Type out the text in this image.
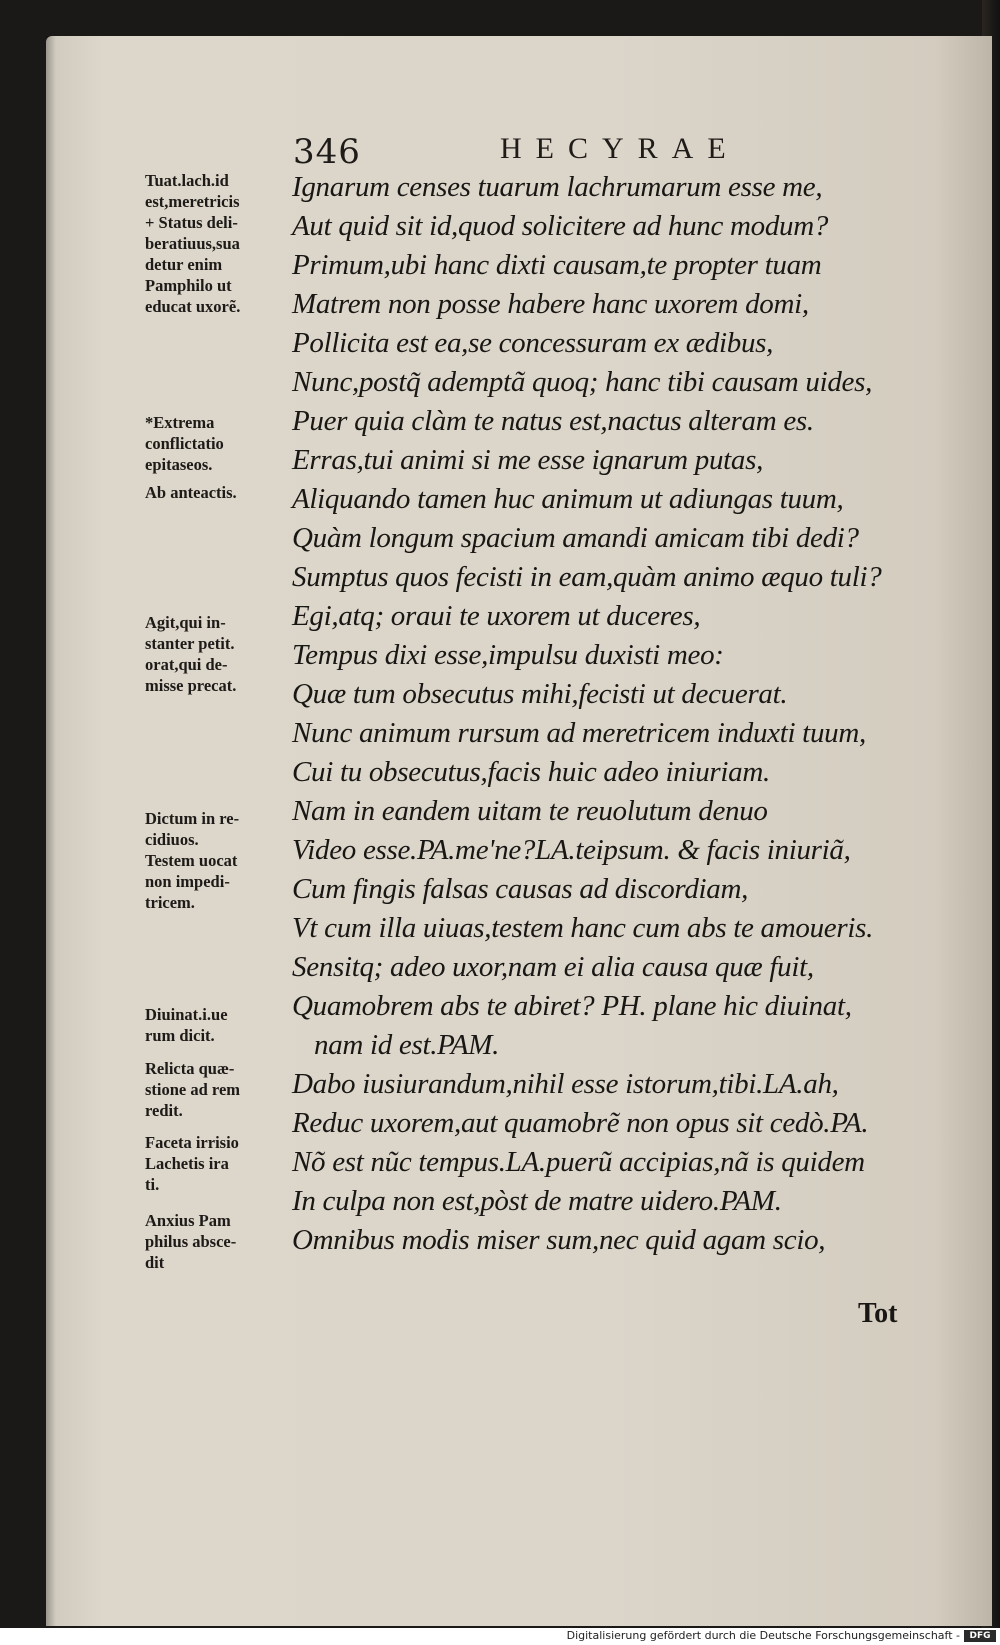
346	HECYRAE
Ignarum censes tuarum lachrumarum esse me,
Aut quid sit id,quod solicitere ad hunc modum?
Primum,ubi hanc dixti causam,te propter tuam
Matrem non posse habere hanc uxorem domi,
Pollicita est ea,se concessuram ex ædibus,
Nunc,postq̃ ademptã quoq; hanc tibi causam uides,
Puer quia clàm te natus est,nactus alteram es.
Erras,tui animi si me esse ignarum putas,
Aliquando tamen huc animum ut adiungas tuum,
Quàm longum spacium amandi amicam tibi dedi?
Sumptus quos fecisti in eam,quàm animo æquo tuli?
Egi,atq; oraui te uxorem ut duceres,
Tempus dixi esse,impulsu duxisti meo:
Quæ tum obsecutus mihi,fecisti ut decuerat.
Nunc animum rursum ad meretricem induxti tuum,
Cui tu obsecutus,facis huic adeo iniuriam.
Nam in eandem uitam te reuolutum denuo
Video esse.PA.me'ne?LA.teipsum. & facis iniuriã,
Cum fingis falsas causas ad discordiam,
Vt cum illa uiuas,testem hanc cum abs te amoueris.
Sensitq; adeo uxor,nam ei alia causa quæ fuit,
Quamobrem abs te abiret? PH. plane hic diuinat,
nam id est.PAM.
Dabo iusiurandum,nihil esse istorum,tibi.LA.ah,
Reduc uxorem,aut quamobrẽ non opus sit cedò.PA.
Nõ est nũc tempus.LA.puerũ accipias,nã is quidem
In culpa non est,pòst de matre uidero.PAM.
Omnibus modis miser sum,nec quid agam scio,
Tuat.lach.id
est,meretricis
+ Status deli-
beratiuus,sua
detur enim
Pamphilo ut
educat uxorẽ.
*Extrema
conflictatio
epitaseos.
Ab anteactis.
Agit,qui in-
stanter petit.
orat,qui de-
misse precat.
Dictum in re-
cidiuos.
Testem uocat
non impedi-
tricem.
Diuinat.i.ue
rum dicit.
Relicta quæ-
stione ad rem
redit.
Faceta irrisio
Lachetis ira
ti.
Anxius Pam
philus absce-
dit
Tot
Digitalisierung gefördert durch die Deutsche Forschungsgemeinschaft -	DFG
